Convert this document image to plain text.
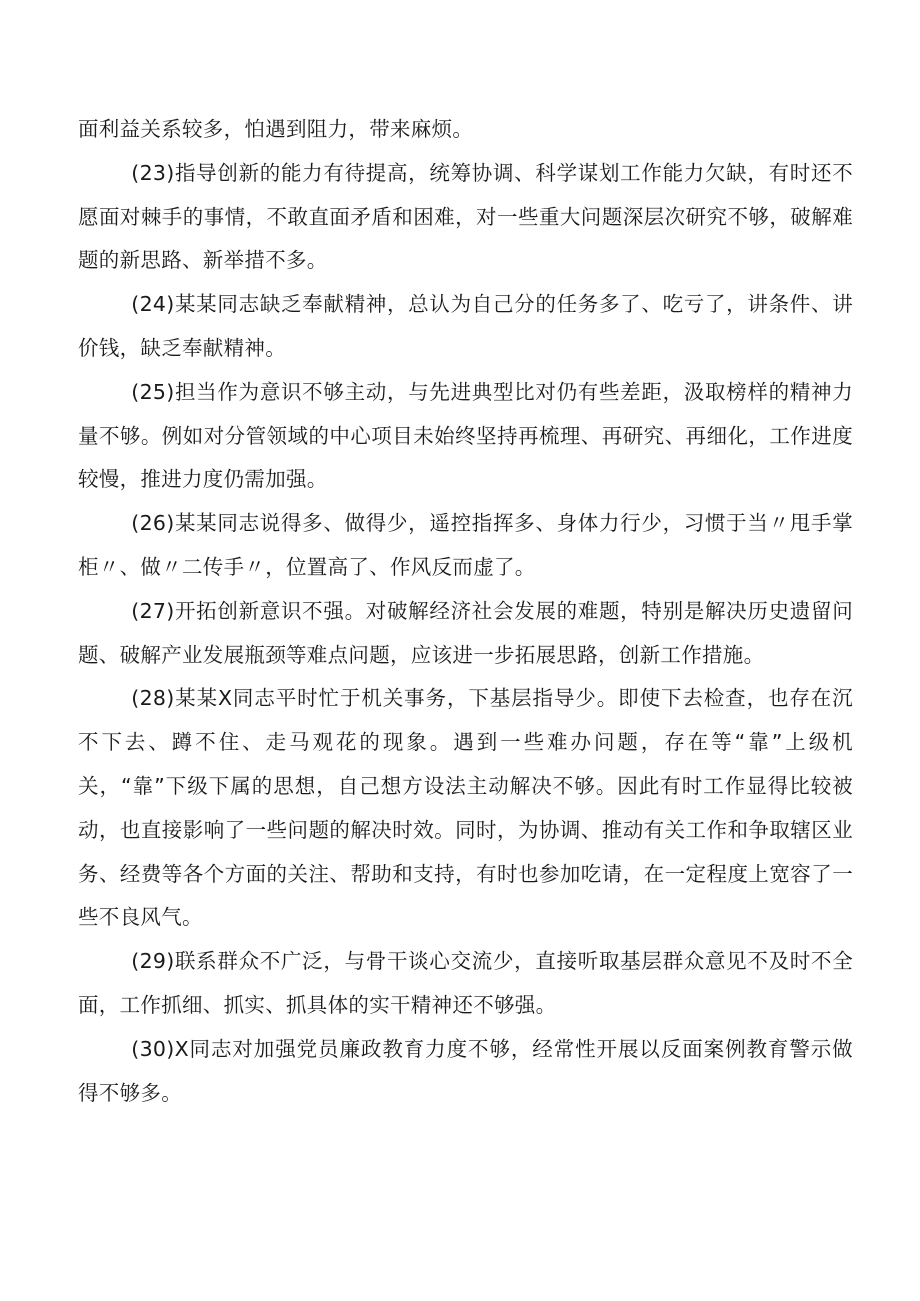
面利益关系较多，怕遇到阻力，带来麻烦。

(23)指导创新的能力有待提高，统筹协调、科学谋划工作能力欠缺，有时还不愿面对棘手的事情，不敢直面矛盾和困难，对一些重大问题深层次研究不够，破解难题的新思路、新举措不多。

(24)某某同志缺乏奉献精神，总认为自己分的任务多了、吃亏了，讲条件、讲价钱，缺乏奉献精神。

(25)担当作为意识不够主动，与先进典型比对仍有些差距，汲取榜样的精神力量不够。例如对分管领域的中心项目未始终坚持再梳理、再研究、再细化，工作进度较慢，推进力度仍需加强。

(26)某某同志说得多、做得少，遥控指挥多、身体力行少，习惯于当〃甩手掌柜〃、做〃二传手〃，位置高了、作风反而虚了。

(27)开拓创新意识不强。对破解经济社会发展的难题，特别是解决历史遗留问题、破解产业发展瓶颈等难点问题，应该进一步拓展思路，创新工作措施。

(28)某某X同志平时忙于机关事务，下基层指导少。即使下去检查，也存在沉不下去、蹲不住、走马观花的现象。遇到一些难办问题，存在等“靠”上级机关，“靠”下级下属的思想，自己想方设法主动解决不够。因此有时工作显得比较被动，也直接影响了一些问题的解决时效。同时，为协调、推动有关工作和争取辖区业务、经费等各个方面的关注、帮助和支持，有时也参加吃请，在一定程度上宽容了一些不良风气。

(29)联系群众不广泛，与骨干谈心交流少，直接听取基层群众意见不及时不全面，工作抓细、抓实、抓具体的实干精神还不够强。

(30)X同志对加强党员廉政教育力度不够，经常性开展以反面案例教育警示做得不够多。
